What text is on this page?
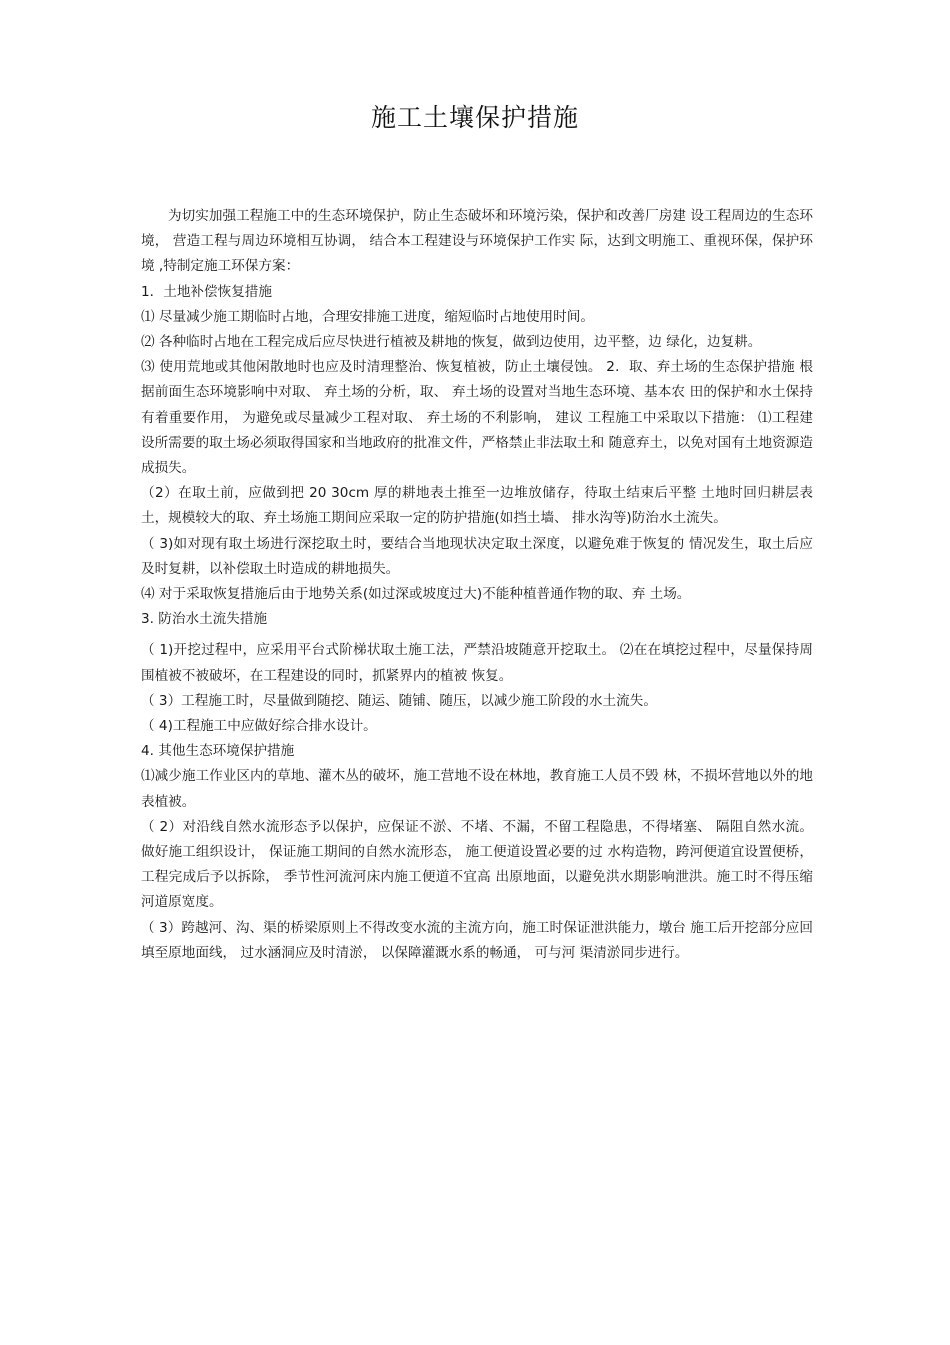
施工土壤保护措施

为切实加强工程施工中的生态环境保护，防止生态破坏和环境污染，保护和改善厂房建 设工程周边的生态环境， 营造工程与周边环境相互协调， 结合本工程建设与环境保护工作实 际，达到文明施工、重视环保，保护环境 ,特制定施工环保方案：

1．土地补偿恢复措施

⑴ 尽量减少施工期临时占地，合理安排施工进度，缩短临时占地使用时间。

⑵ 各种临时占地在工程完成后应尽快进行植被及耕地的恢复，做到边使用，边平整，边 绿化，边复耕。

⑶ 使用荒地或其他闲散地时也应及时清理整治、恢复植被，防止土壤侵蚀。 2．取、弃土场的生态保护措施 根据前面生态环境影响中对取、 弃土场的分析，取、 弃土场的设置对当地生态环境、基本农 田的保护和水土保持有着重要作用， 为避免或尽量减少工程对取、 弃土场的不利影响， 建议 工程施工中采取以下措施： ⑴工程建设所需要的取土场必须取得国家和当地政府的批准文件，严格禁止非法取土和 随意弃土，以免对国有土地资源造成损失。

（2）在取土前，应做到把 20 30cm 厚的耕地表土推至一边堆放储存，待取土结束后平整 土地时回归耕层表土，规模较大的取、弃土场施工期间应采取一定的防护措施(如挡土墙、 排水沟等)防治水土流失。

（ 3)如对现有取土场进行深挖取土时，要结合当地现状决定取土深度，以避免难于恢复的 情况发生，取土后应及时复耕，以补偿取土时造成的耕地损失。

⑷ 对于采取恢复措施后由于地势关系(如过深或坡度过大)不能种植普通作物的取、弃 土场。

3. 防治水土流失措施

（ 1)开挖过程中，应采用平台式阶梯状取土施工法，严禁沿坡随意开挖取土。 ⑵在在填挖过程中，尽量保持周围植被不被破坏，在工程建设的同时，抓紧界内的植被 恢复。

（ 3）工程施工时，尽量做到随挖、随运、随铺、随压，以减少施工阶段的水土流失。

（ 4)工程施工中应做好综合排水设计。

4. 其他生态环境保护措施

⑴减少施工作业区内的草地、灌木丛的破坏，施工营地不设在林地，教育施工人员不毁 林，不损坏营地以外的地表植被。

（ 2）对沿线自然水流形态予以保护，应保证不淤、不堵、不漏，不留工程隐患，不得堵塞、 隔阻自然水流。 做好施工组织设计， 保证施工期间的自然水流形态， 施工便道设置必要的过 水构造物，跨河便道宜设置便桥， 工程完成后予以拆除， 季节性河流河床内施工便道不宜高 出原地面，以避免洪水期影响泄洪。施工时不得压缩河道原宽度。

（ 3）跨越河、沟、渠的桥梁原则上不得改变水流的主流方向，施工时保证泄洪能力，墩台 施工后开挖部分应回填至原地面线， 过水涵洞应及时清淤， 以保障灌溉水系的畅通， 可与河 渠清淤同步进行。
